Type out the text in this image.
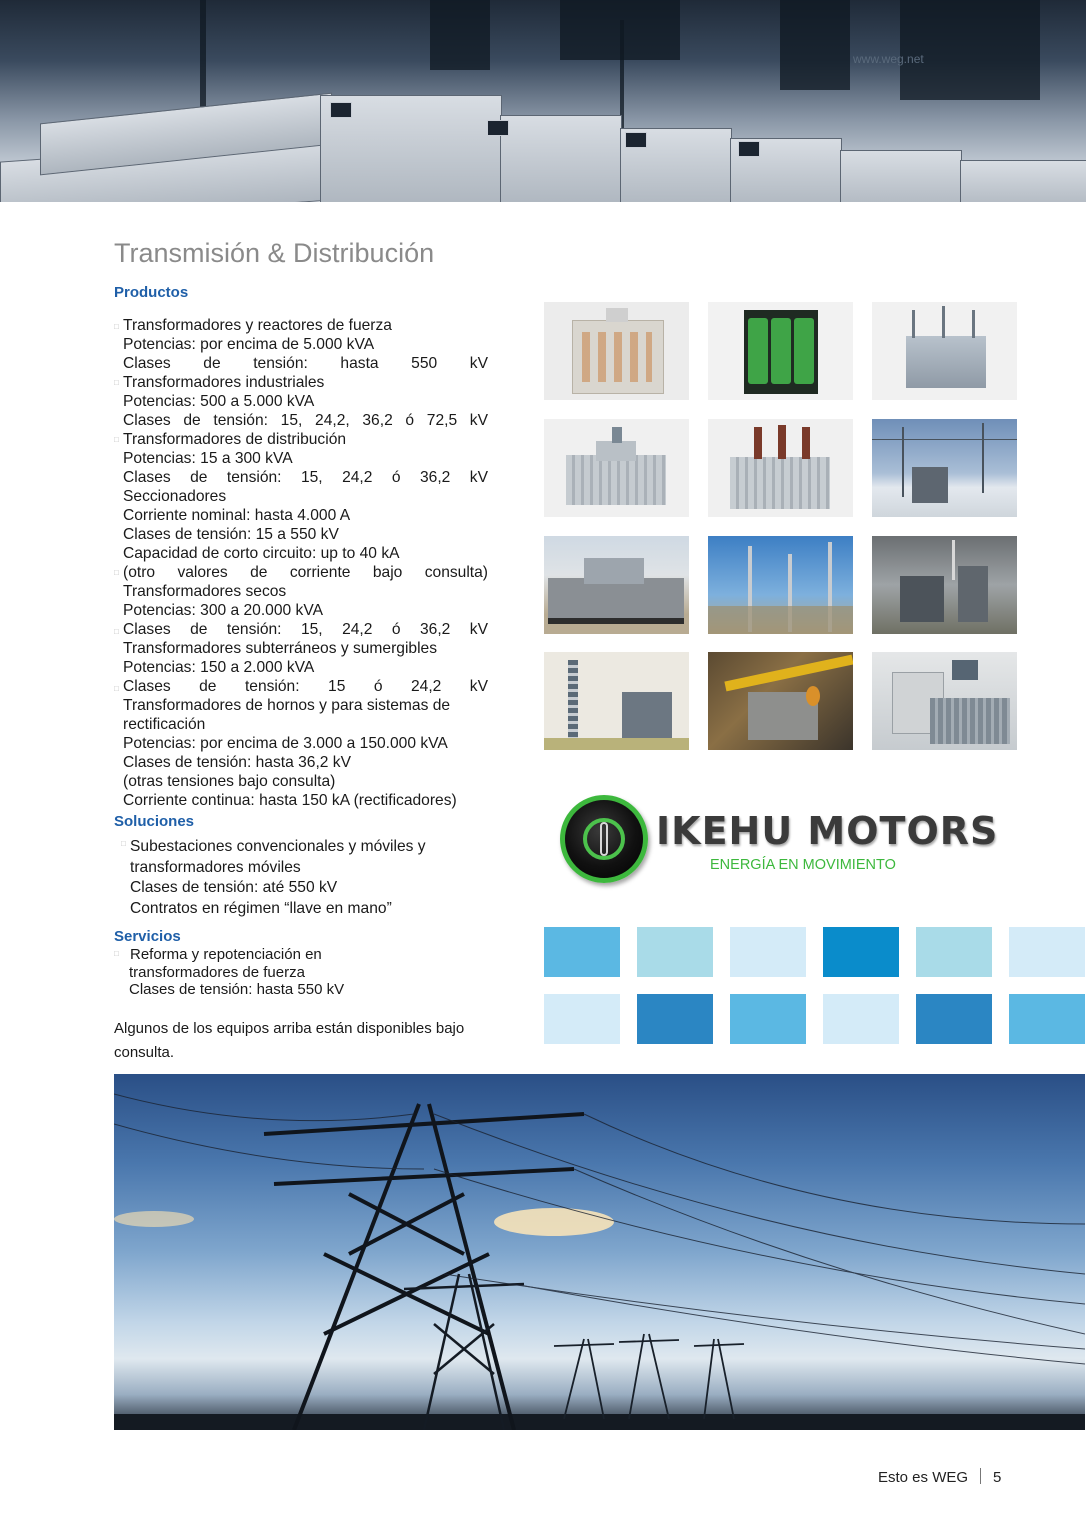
www.weg.net
Transmisión & Distribución
Productos
□
□
□
□
□
□
Transformadores y reactores de fuerza
Potencias: por encima de 5.000 kVA
Clases de tensión: hasta 550 kV
Transformadores industriales
Potencias: 500 a 5.000 kVA
Clases de tensión: 15, 24,2, 36,2 ó 72,5 kV
Transformadores de distribución
Potencias: 15 a 300 kVA
Clases de tensión: 15, 24,2 ó 36,2 kV
Seccionadores
Corriente nominal: hasta 4.000 A
Clases de tensión: 15 a 550 kV
Capacidad de corto circuito: up to 40 kA
(otro valores de corriente bajo consulta)
Transformadores secos
Potencias: 300 a 20.000 kVA
Clases de tensión: 15, 24,2 ó 36,2 kV
Transformadores subterráneos y sumergibles
Potencias: 150 a 2.000 kVA
Clases de tensión: 15 ó 24,2 kV
Transformadores de hornos y para sistemas de
rectificación
Potencias: por encima de 3.000 a 150.000 kVA
Clases de tensión: hasta 36,2 kV
(otras tensiones bajo consulta)
Corriente continua: hasta 150 kA (rectificadores)
Soluciones
□ Subestaciones convencionales y móviles y
transformadores móviles
Clases de tensión: até 550 kV
Contratos en régimen “llave en mano”
Servicios
□ Reforma y repotenciación en
transformadores de fuerza
Clases de tensión: hasta 550 kV
Algunos de los equipos arriba están disponibles bajo consulta.
IKEHU MOTORS
ENERGÍA EN MOVIMIENTO
Esto es WEG 5
